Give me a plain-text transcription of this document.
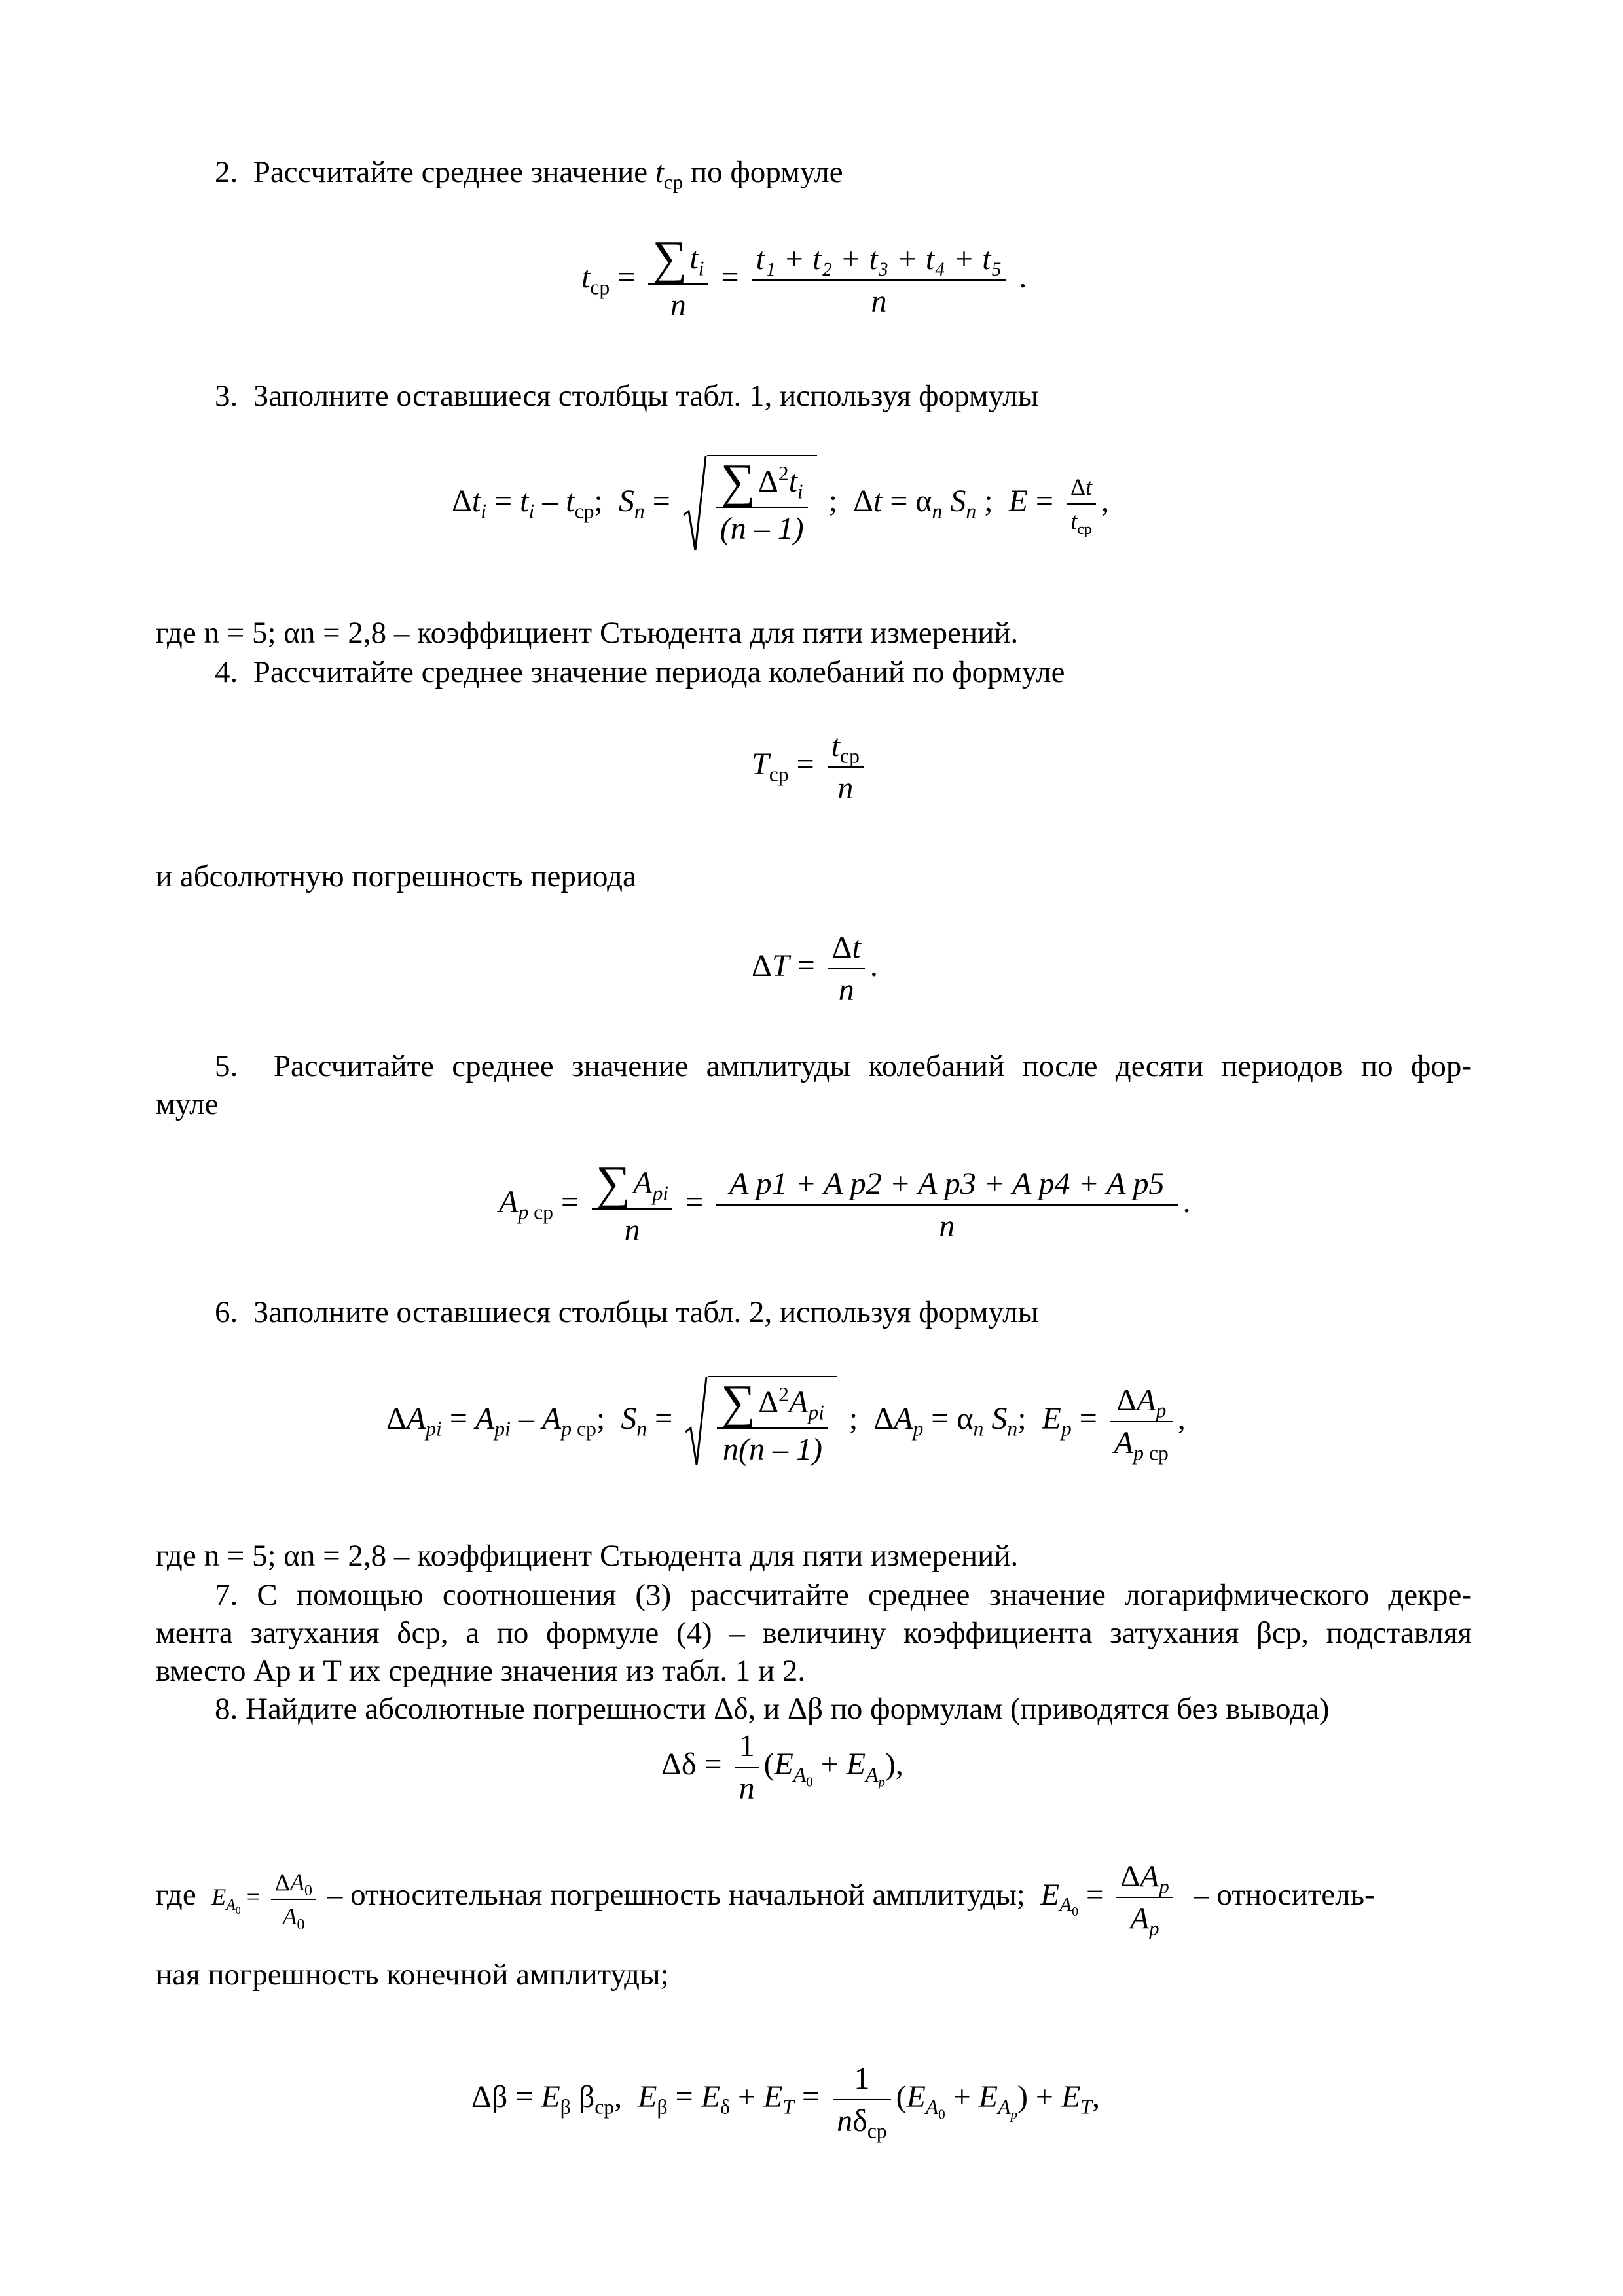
2. Рассчитайте среднее значение $t_{ср}$ по формуле
$t_{ср} = \frac{\sum t_i}{n} = \frac{\text{t₁ + t₂ + t₃ + t₄ + t₅}}{n}$ .
3. Заполните оставшиеся столбцы табл. 1, используя формулы
$\Delta t_i = t_i - t_{ср}$; $S_n = \frac{\sum\Delta^2t_i}{(n - 1)}$ ; $\Delta t = \alpha_n$ $S_n$ ; $E = \frac{\Delta t}{t_{ср}}$ ,
где n = 5; αn = 2,8 – коэффициент Стьюдента для пяти измерений.
4. Рассчитайте среднее значение периода колебаний по формуле
$T_{ср} = \frac{t_{ср}}{n}$
и абсолютную погрешность периода
$\Delta T = \frac{\Delta t}{n}$ .
5. Рассчитайте среднее значение амплитуды колебаний после десяти периодов по фор-
муле
$A_{p ср} = \frac{\sum A_{pi}}{n} = \frac{\text{A p1 + A p2 + A p3 + A p4 + A p5}}{n}$ .
6. Заполните оставшиеся столбцы табл. 2, используя формулы
$\Delta A_{pi} = A_{pi} - A_{p ср}$; $S_n = \frac{\sum\Delta^2A_{pi}}{n(n - 1)}$ ; $\Delta A_p = \alpha_n$ $S_n$; $E_p = \frac{\Delta A_p}{A_{p ср}}$ ,
где n = 5; αn = 2,8 – коэффициент Стьюдента для пяти измерений.
7. С помощью соотношения (3) рассчитайте среднее значение логарифмического декре-
мента затухания δср, а по формуле (4) – величину коэффициента затухания βср, подставляя
вместо Ap и T их средние значения из табл. 1 и 2.
8. Найдите абсолютные погрешности Δδ, и Δβ по формулам (приводятся без вывода)
$\Delta\delta = \frac{1}{n} (E_{A_0} + E_{A_p})$,
где $E_{A_0} = \frac{\Delta A_0}{A_0}$ – относительная погрешность начальной амплитуды; $E_{A_0} = \frac{\Delta A_p}{A_p}$ – относитель-
ная погрешность конечной амплитуды;
$\Delta\beta = E_\beta$ $\beta_{ср}$, $E_\beta = E_\delta + E_T = \frac{1}{n\delta_{ср}} (E_{A_0} + E_{A_p}) + E_T$,
